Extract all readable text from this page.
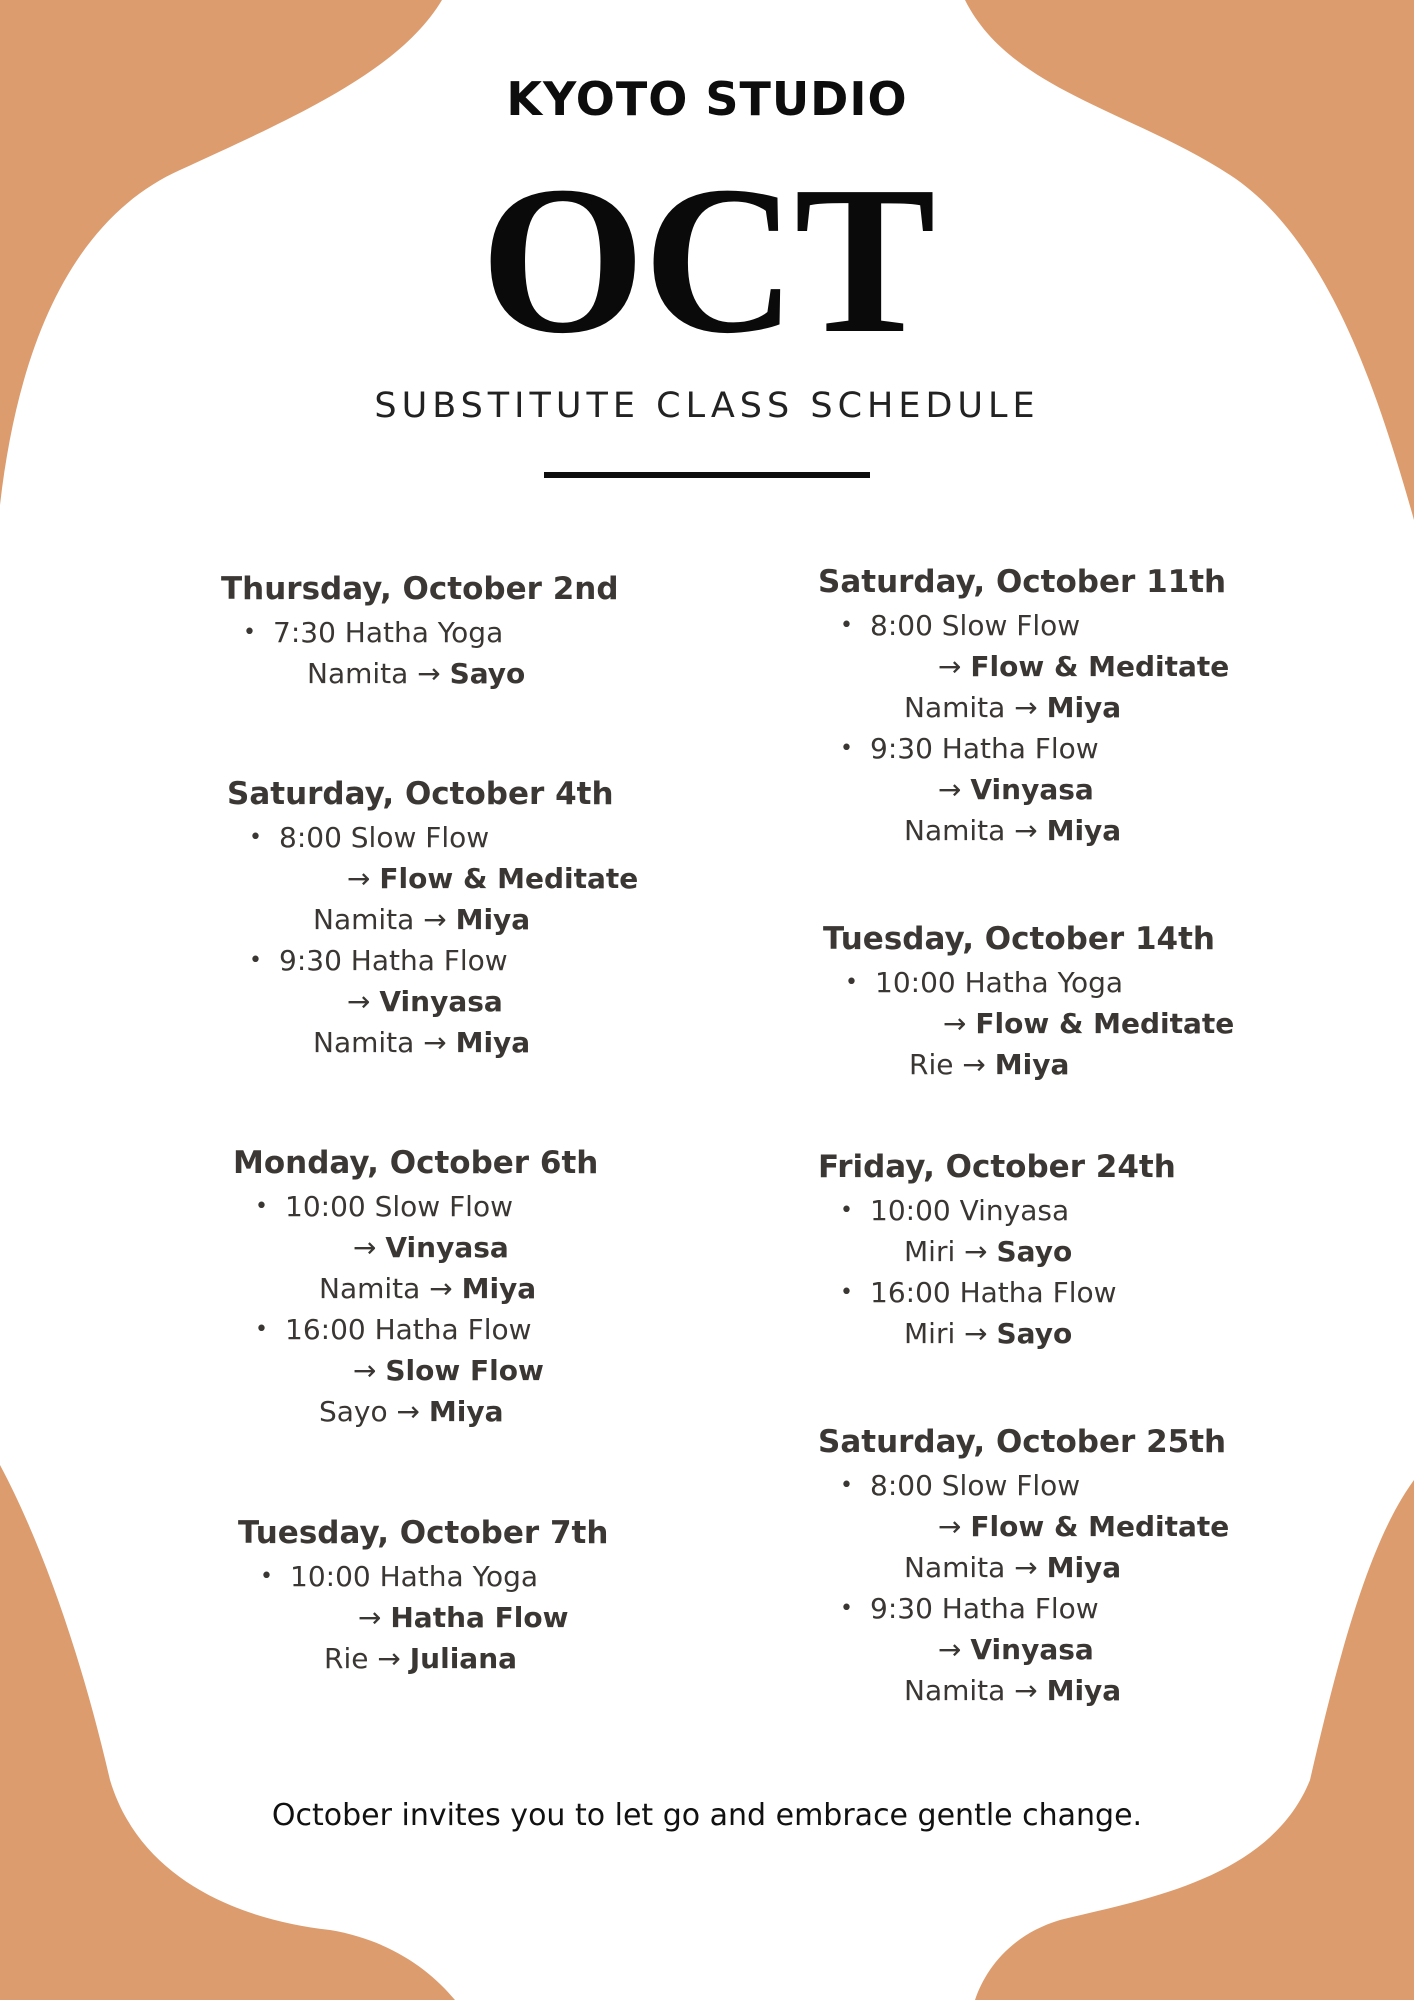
KYOTO STUDIO
OCT
SUBSTITUTE CLASS SCHEDULE
Thursday, October 2nd
• 7:30 Hatha Yoga
Namita → Sayo
Saturday, October 4th
• 8:00 Slow Flow
→ Flow & Meditate
Namita → Miya
• 9:30 Hatha Flow
→ Vinyasa
Namita → Miya
Monday, October 6th
• 10:00 Slow Flow
→ Vinyasa
Namita → Miya
• 16:00 Hatha Flow
→ Slow Flow
Sayo → Miya
Tuesday, October 7th
• 10:00 Hatha Yoga
→ Hatha Flow
Rie → Juliana
Saturday, October 11th
• 8:00 Slow Flow
→ Flow & Meditate
Namita → Miya
• 9:30 Hatha Flow
→ Vinyasa
Namita → Miya
Tuesday, October 14th
• 10:00 Hatha Yoga
→ Flow & Meditate
Rie → Miya
Friday, October 24th
• 10:00 Vinyasa
Miri → Sayo
• 16:00 Hatha Flow
Miri → Sayo
Saturday, October 25th
• 8:00 Slow Flow
→ Flow & Meditate
Namita → Miya
• 9:30 Hatha Flow
→ Vinyasa
Namita → Miya
October invites you to let go and embrace gentle change.
